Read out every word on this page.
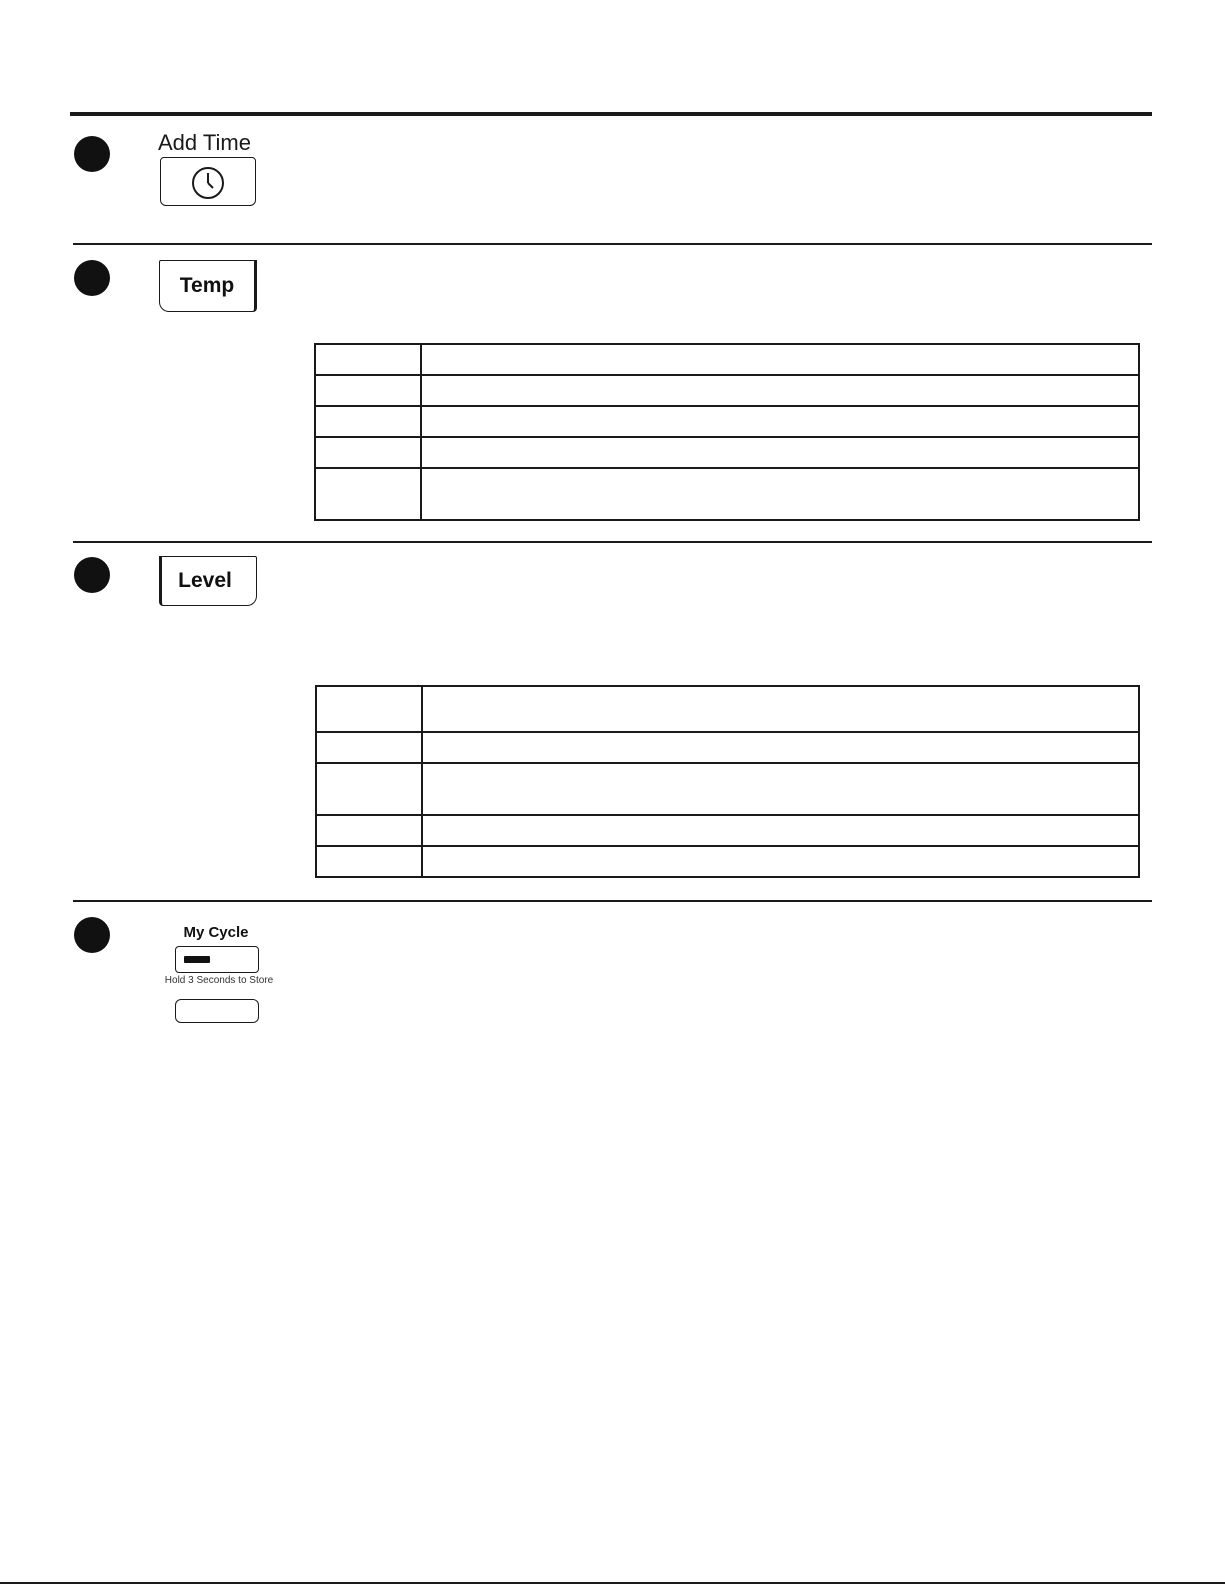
Add Time
Temp

Level

My Cycle
Hold 3 Seconds to Store
